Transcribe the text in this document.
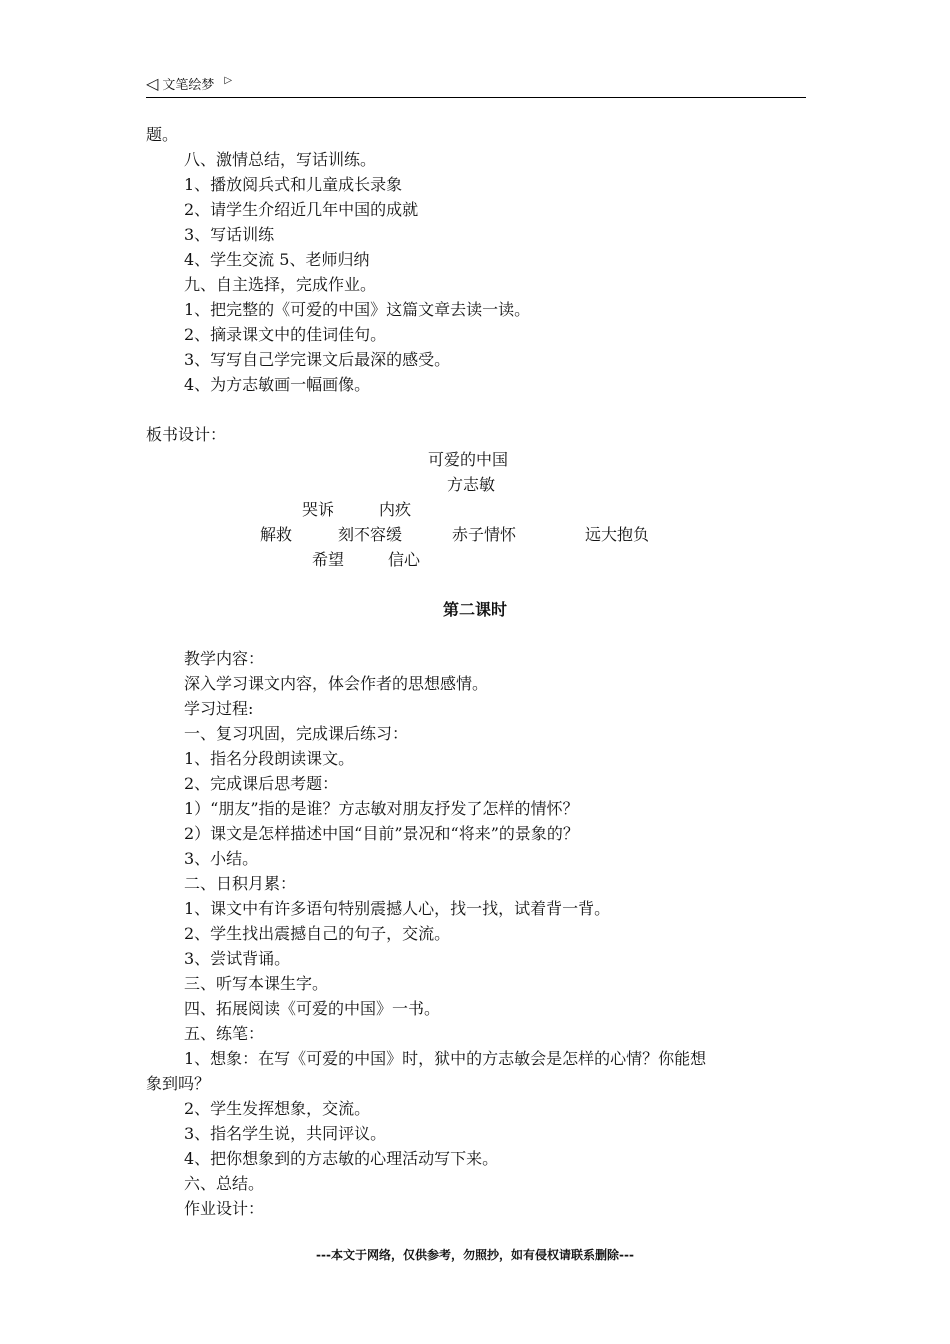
◁ 文笔绘梦 ▷
题。
八、激情总结，写话训练。
1、播放阅兵式和儿童成长录象
2、请学生介绍近几年中国的成就
3、写话训练
4、学生交流 5、老师归纳
九、自主选择，完成作业。
1、把完整的《可爱的中国》这篇文章去读一读。
2、摘录课文中的佳词佳句。
3、写写自己学完课文后最深的感受。
4、为方志敏画一幅画像。
板书设计：
可爱的中国
方志敏
哭诉	内疚
解救	刻不容缓	赤子情怀	远大抱负
希望	信心
第二课时
教学内容：
深入学习课文内容，体会作者的思想感情。
学习过程:
一、复习巩固，完成课后练习：
1、指名分段朗读课文。
2、完成课后思考题：
1）“朋友”指的是谁？方志敏对朋友抒发了怎样的情怀？
2）课文是怎样描述中国“目前”景况和“将来”的景象的？
3、小结。
二、日积月累：
1、课文中有许多语句特别震撼人心，找一找，试着背一背。
2、学生找出震撼自己的句子，交流。
3、尝试背诵。
三、听写本课生字。
四、拓展阅读《可爱的中国》一书。
五、练笔：
1、想象：在写《可爱的中国》时，狱中的方志敏会是怎样的心情？你能想
象到吗？
2、学生发挥想象，交流。
3、指名学生说，共同评议。
4、把你想象到的方志敏的心理活动写下来。
六、总结。
作业设计：
---本文于网络，仅供参考，勿照抄，如有侵权请联系删除---
